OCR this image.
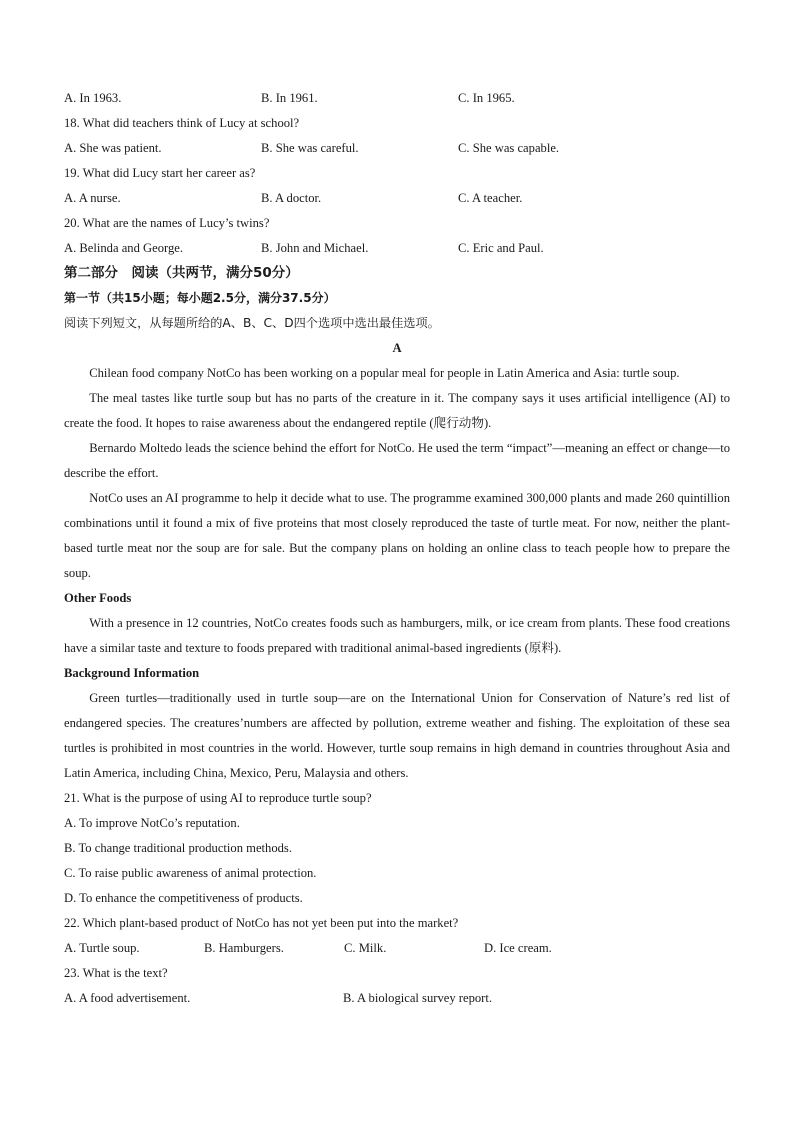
A. In 1963.	B. In 1961.	C. In 1965.
18. What did teachers think of Lucy at school?
A. She was patient.	B. She was careful.	C. She was capable.
19. What did Lucy start her career as?
A. A nurse.	B. A doctor.	C. A teacher.
20. What are the names of Lucy’s twins?
A. Belinda and George.	B. John and Michael.	C. Eric and Paul.
第二部分　阅读（共两节，满分50分）
第一节（共15小题；每小题2.5分，满分37.5分）
阅读下列短文，从每题所给的A、B、C、D四个选项中选出最佳选项。
A
Chilean food company NotCo has been working on a popular meal for people in Latin America and Asia: turtle soup.
The meal tastes like turtle soup but has no parts of the creature in it. The company says it uses artificial intelligence (AI) to create the food. It hopes to raise awareness about the endangered reptile (爬行动物).
Bernardo Moltedo leads the science behind the effort for NotCo. He used the term “impact”—meaning an effect or change—to describe the effort.
NotCo uses an AI programme to help it decide what to use. The programme examined 300,000 plants and made 260 quintillion combinations until it found a mix of five proteins that most closely reproduced the taste of turtle meat. For now, neither the plant-based turtle meat nor the soup are for sale. But the company plans on holding an online class to teach people how to prepare the soup.
Other Foods
With a presence in 12 countries, NotCo creates foods such as hamburgers, milk, or ice cream from plants. These food creations have a similar taste and texture to foods prepared with traditional animal-based ingredients (原料).
Background Information
Green turtles—traditionally used in turtle soup—are on the International Union for Conservation of Nature’s red list of endangered species. The creatures’numbers are affected by pollution, extreme weather and fishing. The exploitation of these sea turtles is prohibited in most countries in the world. However, turtle soup remains in high demand in countries throughout Asia and Latin America, including China, Mexico, Peru, Malaysia and others.
21. What is the purpose of using AI to reproduce turtle soup?
A. To improve NotCo’s reputation.
B. To change traditional production methods.
C. To raise public awareness of animal protection.
D. To enhance the competitiveness of products.
22. Which plant-based product of NotCo has not yet been put into the market?
A. Turtle soup.	B. Hamburgers.	C. Milk.	D. Ice cream.
23. What is the text?
A. A food advertisement.	B. A biological survey report.
